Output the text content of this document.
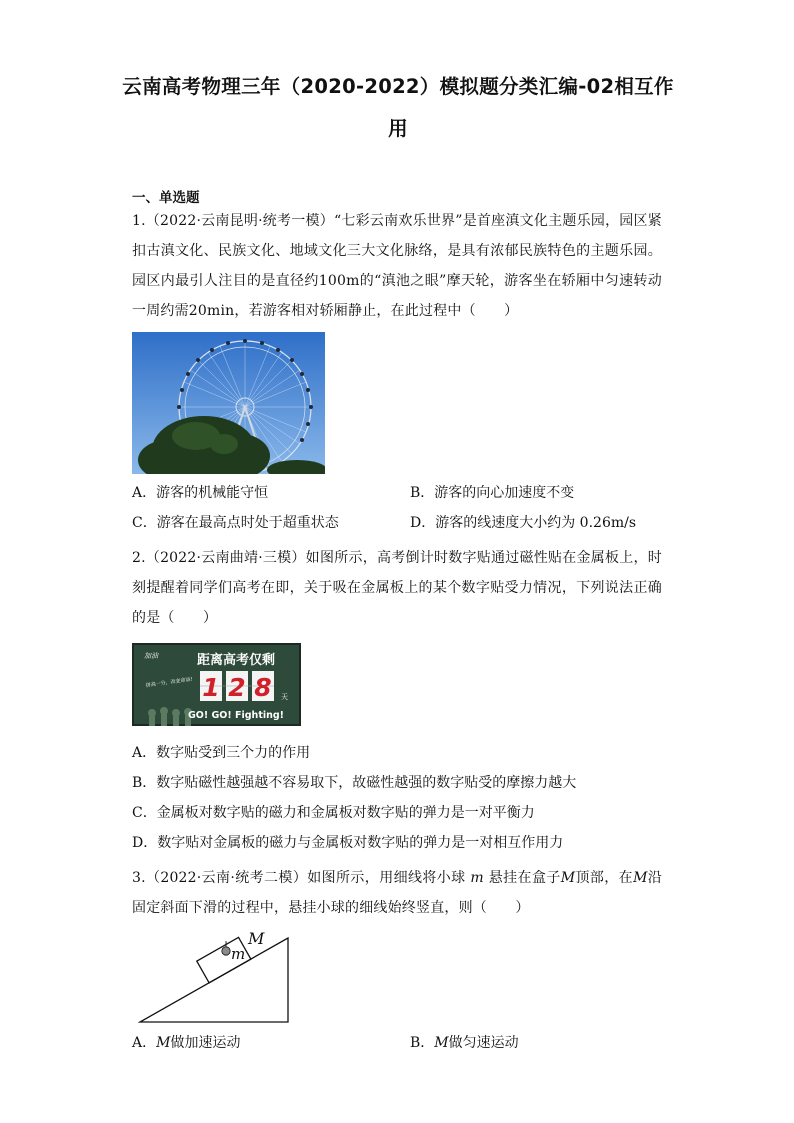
云南高考物理三年（2020-2022）模拟题分类汇编-02相互作用
一、单选题
1.（2022·云南昆明·统考一模）“七彩云南欢乐世界”是首座滇文化主题乐园，园区紧扣古滇文化、民族文化、地域文化三大文化脉络，是具有浓郁民族特色的主题乐园。园区内最引人注目的是直径约100m的“滇池之眼”摩天轮，游客坐在轿厢中匀速转动一周约需20min，若游客相对轿厢静止，在此过程中（　　）
A．游客的机械能守恒	B．游客的向心加速度不变
C．游客在最高点时处于超重状态	D．游客的线速度大小约为 0.26m/s
2.（2022·云南曲靖·三模）如图所示，高考倒计时数字贴通过磁性贴在金属板上，时刻提醒着同学们高考在即，关于吸在金属板上的某个数字贴受力情况，下列说法正确的是（　　）
1 2 8 天
距离高考仅剩
GO! GO! Fighting!
加油
拼高一分，改变命运!
A．数字贴受到三个力的作用
B．数字贴磁性越强越不容易取下，故磁性越强的数字贴受的摩擦力越大
C．金属板对数字贴的磁力和金属板对数字贴的弹力是一对平衡力
D．数字贴对金属板的磁力与金属板对数字贴的弹力是一对相互作用力
3.（2022·云南·统考二模）如图所示，用细线将小球 m 悬挂在盒子M顶部，在M沿固定斜面下滑的过程中，悬挂小球的细线始终竖直，则（　　）
m
M
A．M做加速运动	B．M做匀速运动
